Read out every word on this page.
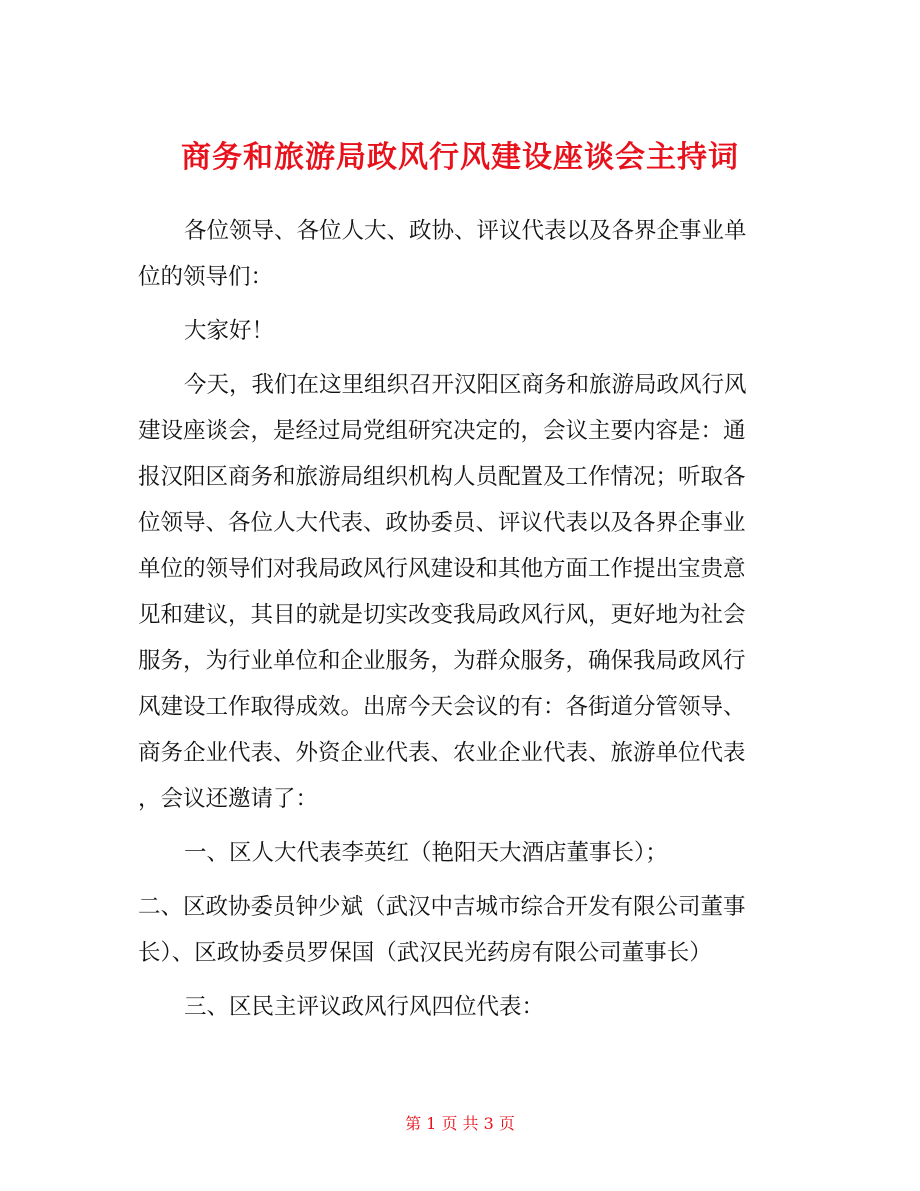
商务和旅游局政风行风建设座谈会主持词

各位领导、各位人大、政协、评议代表以及各界企事业单
位的领导们：

大家好！

今天，我们在这里组织召开汉阳区商务和旅游局政风行风
建设座谈会，是经过局党组研究决定的，会议主要内容是：通
报汉阳区商务和旅游局组织机构人员配置及工作情况；听取各
位领导、各位人大代表、政协委员、评议代表以及各界企事业
单位的领导们对我局政风行风建设和其他方面工作提出宝贵意
见和建议，其目的就是切实改变我局政风行风，更好地为社会
服务，为行业单位和企业服务，为群众服务，确保我局政风行
风建设工作取得成效。出席今天会议的有：各街道分管领导、
商务企业代表、外资企业代表、农业企业代表、旅游单位代表
，会议还邀请了：

一、区人大代表李英红（艳阳天大酒店董事长）；

二、区政协委员钟少斌（武汉中吉城市综合开发有限公司董事
长）、区政协委员罗保国（武汉民光药房有限公司董事长）

三、区民主评议政风行风四位代表：

第 1 页 共 3 页
